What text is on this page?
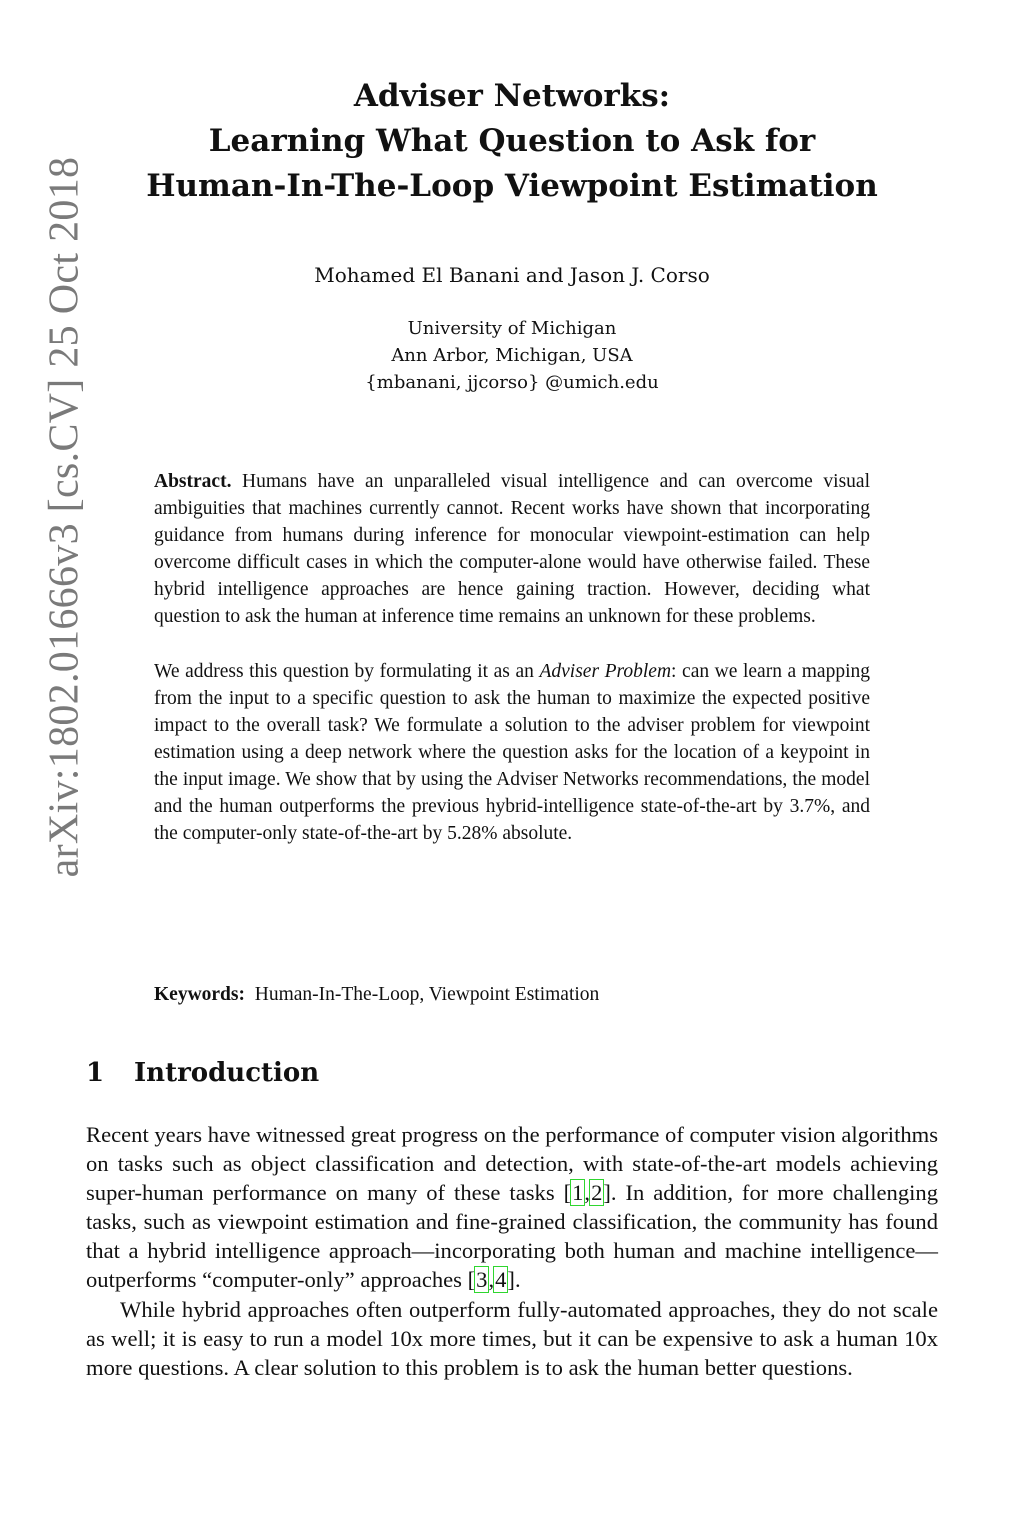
arXiv:1802.01666v3 [cs.CV] 25 Oct 2018
Adviser Networks:
Learning What Question to Ask for
Human-In-The-Loop Viewpoint Estimation
Mohamed El Banani and Jason J. Corso
University of Michigan
Ann Arbor, Michigan, USA
{mbanani, jjcorso} @umich.edu

Abstract. Humans have an unparalleled visual intelligence and can overcome visual ambiguities that machines currently cannot. Recent works have shown that incorporating guidance from humans during inference for monocular viewpoint-estimation can help overcome difficult cases in which the computer-alone would have otherwise failed. These hybrid intelligence approaches are hence gaining traction. However, deciding what question to ask the human at inference time remains an unknown for these problems.

We address this question by formulating it as an Adviser Problem: can we learn a mapping from the input to a specific question to ask the human to maximize the expected positive impact to the overall task? We formulate a solution to the adviser problem for viewpoint estimation using a deep network where the question asks for the location of a keypoint in the input image. We show that by using the Adviser Networks recommendations, the model and the human outperforms the previous hybrid-intelligence state-of-the-art by 3.7%, and the computer-only state-of-the-art by 5.28% absolute.

Keywords: Human-In-The-Loop, Viewpoint Estimation
1 Introduction

Recent years have witnessed great progress on the performance of computer vision algorithms on tasks such as object classification and detection, with state-of-the-art models achieving super-human performance on many of these tasks [1,2]. In addition, for more challenging tasks, such as viewpoint estimation and fine-grained classification, the community has found that a hybrid intelligence approach—incorporating both human and machine intelligence—outperforms “computer-only” approaches [3,4].

While hybrid approaches often outperform fully-automated approaches, they do not scale as well; it is easy to run a model 10x more times, but it can be expensive to ask a human 10x more questions. A clear solution to this problem is to ask the human better questions.
